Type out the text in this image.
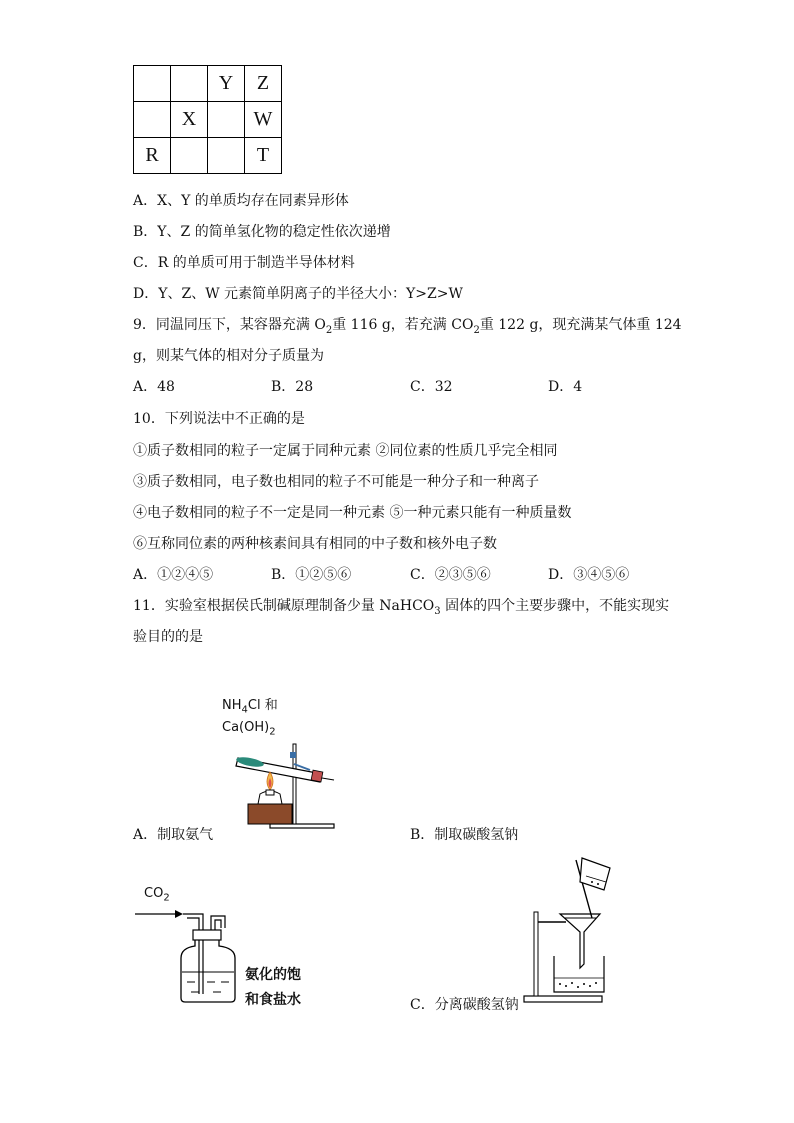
		Y	Z
	X		W
R			T
A．X、Y 的单质均存在同素异形体
B．Y、Z 的简单氢化物的稳定性依次递增
C．R 的单质可用于制造半导体材料
D．Y、Z、W 元素简单阴离子的半径大小：Y>Z>W
9．同温同压下，某容器充满 $O_2$重 116 g，若充满 $CO_2$重 122 g，现充满某气体重 124
g，则某气体的相对分子质量为
A．48	B．28	C．32	D．4
10．下列说法中不正确的是
①质子数相同的粒子一定属于同种元素 ②同位素的性质几乎完全相同
③质子数相同，电子数也相同的粒子不可能是一种分子和一种离子
④电子数相同的粒子不一定是同一种元素 ⑤一种元素只能有一种质量数
⑥互称同位素的两种核素间具有相同的中子数和核外电子数
A．①②④⑤	B．①②⑤⑥	C．②③⑤⑥	D．③④⑤⑥
11．实验室根据侯氏制碱原理制备少量 NaHCO$_3$ 固体的四个主要步骤中，不能实现实
验目的的是
$NH_4Cl$ 和
$Ca(OH)_2$
A．制取氨气	B．制取碳酸氢钠
$CO_2$
氨化的饱
和食盐水	C．分离碳酸氢钠
